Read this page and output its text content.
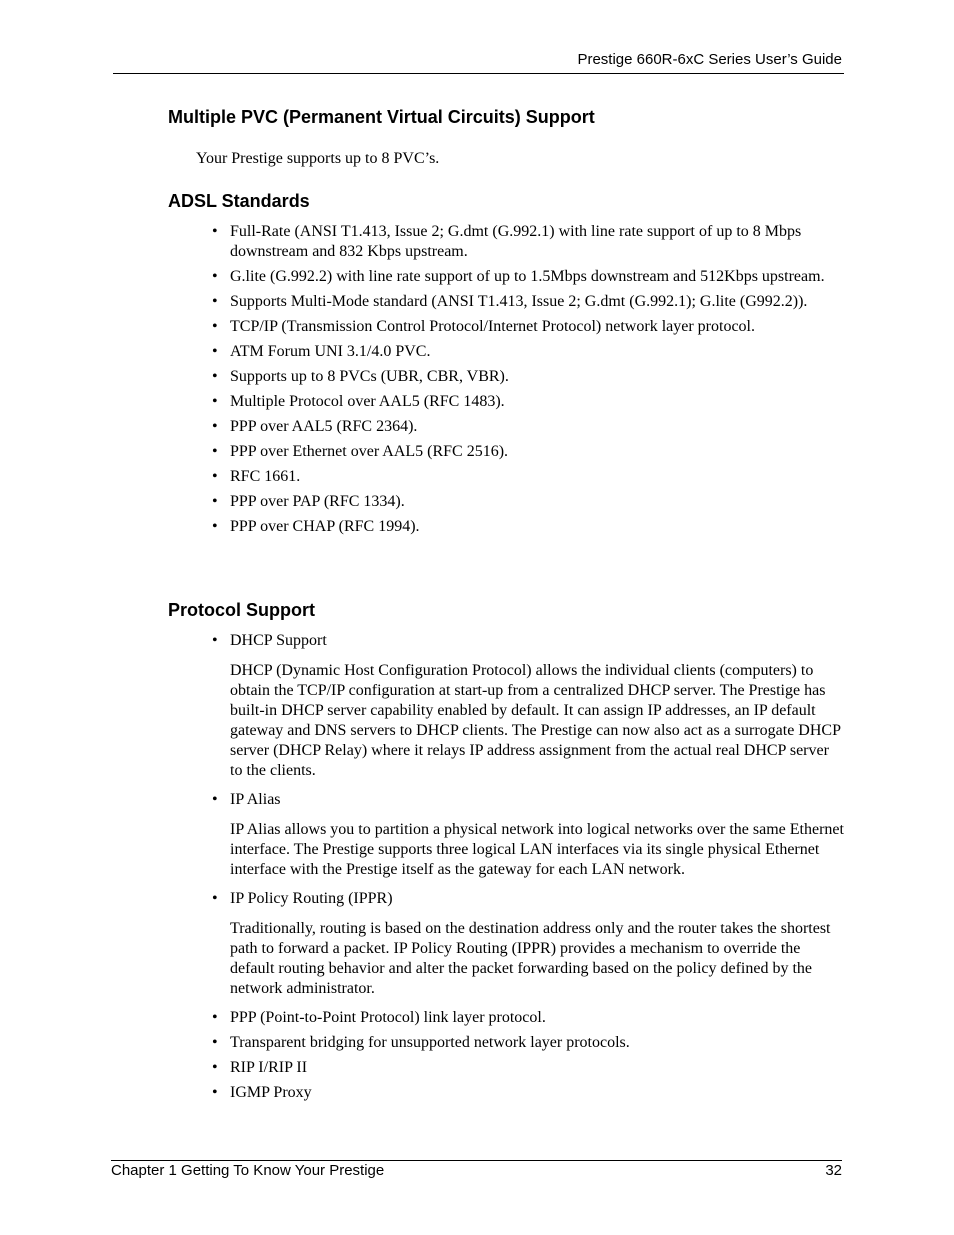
Prestige 660R-6xC Series User’s Guide
Multiple PVC (Permanent Virtual Circuits) Support
Your Prestige supports up to 8 PVC’s.
ADSL Standards
• Full-Rate (ANSI T1.413, Issue 2; G.dmt (G.992.1) with line rate support of up to 8 Mbps downstream and 832 Kbps upstream.
• G.lite (G.992.2) with line rate support of up to 1.5Mbps downstream and 512Kbps upstream.
• Supports Multi-Mode standard (ANSI T1.413, Issue 2; G.dmt (G.992.1); G.lite (G992.2)).
• TCP/IP (Transmission Control Protocol/Internet Protocol) network layer protocol.
• ATM Forum UNI 3.1/4.0 PVC.
• Supports up to 8 PVCs (UBR, CBR, VBR).
• Multiple Protocol over AAL5 (RFC 1483).
• PPP over AAL5 (RFC 2364).
• PPP over Ethernet over AAL5 (RFC 2516).
• RFC 1661.
• PPP over PAP (RFC 1334).
• PPP over CHAP (RFC 1994).
Protocol Support
• DHCP Support
DHCP (Dynamic Host Configuration Protocol) allows the individual clients (computers) to obtain the TCP/IP configuration at start-up from a centralized DHCP server. The Prestige has built-in DHCP server capability enabled by default. It can assign IP addresses, an IP default gateway and DNS servers to DHCP clients. The Prestige can now also act as a surrogate DHCP server (DHCP Relay) where it relays IP address assignment from the actual real DHCP server to the clients.
• IP Alias
IP Alias allows you to partition a physical network into logical networks over the same Ethernet interface. The Prestige supports three logical LAN interfaces via its single physical Ethernet interface with the Prestige itself as the gateway for each LAN network.
• IP Policy Routing (IPPR)
Traditionally, routing is based on the destination address only and the router takes the shortest path to forward a packet. IP Policy Routing (IPPR) provides a mechanism to override the default routing behavior and alter the packet forwarding based on the policy defined by the network administrator.
• PPP (Point-to-Point Protocol) link layer protocol.
• Transparent bridging for unsupported network layer protocols.
• RIP I/RIP II
• IGMP Proxy
Chapter 1 Getting To Know Your Prestige	32
